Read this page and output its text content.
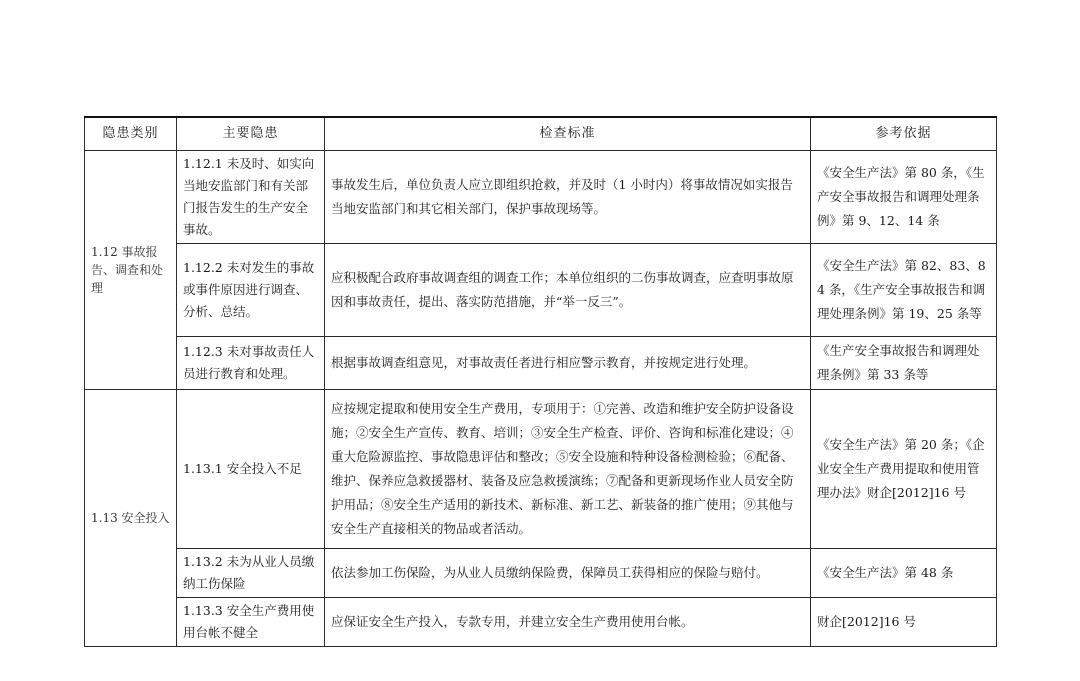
隐患类别	主要隐患	检查标准	参考依据
1.12 事故报告、调查和处理	1.12.1 未及时、如实向当地安监部门和有关部门报告发生的生产安全事故。	事故发生后，单位负责人应立即组织抢救，并及时（1 小时内）将事故情况如实报告当地安监部门和其它相关部门，保护事故现场等。	《安全生产法》第 80 条，《生产安全事故报告和调理处理条例》第 9、12、14 条
	1.12.2 未对发生的事故或事件原因进行调查、分析、总结。	应积极配合政府事故调查组的调查工作；本单位组织的二伤事故调查，应查明事故原因和事故责任，提出、落实防范措施，并“举一反三”。	《安全生产法》第 82、83、84 条，《生产安全事故报告和调理处理条例》第 19、25 条等
	1.12.3 未对事故责任人员进行教育和处理。	根据事故调查组意见，对事故责任者进行相应警示教育，并按规定进行处理。	《生产安全事故报告和调理处理条例》第 33 条等
1.13 安全投入	1.13.1 安全投入不足	应按规定提取和使用安全生产费用，专项用于：①完善、改造和维护安全防护设备设施；②安全生产宣传、教育、培训；③安全生产检查、评价、咨询和标准化建设；④重大危险源监控、事故隐患评估和整改；⑤安全设施和特种设备检测检验；⑥配备、维护、保养应急救援器材、装备及应急救援演练；⑦配备和更新现场作业人员安全防护用品；⑧安全生产适用的新技术、新标准、新工艺、新装备的推广使用；⑨其他与安全生产直接相关的物品或者活动。	《安全生产法》第 20 条；《企业安全生产费用提取和使用管理办法》财企[2012]16 号
	1.13.2 未为从业人员缴纳工伤保险	依法参加工伤保险，为从业人员缴纳保险费，保障员工获得相应的保险与赔付。	《安全生产法》第 48 条
	1.13.3 安全生产费用使用台帐不健全	应保证安全生产投入，专款专用，并建立安全生产费用使用台帐。	财企[2012]16 号
